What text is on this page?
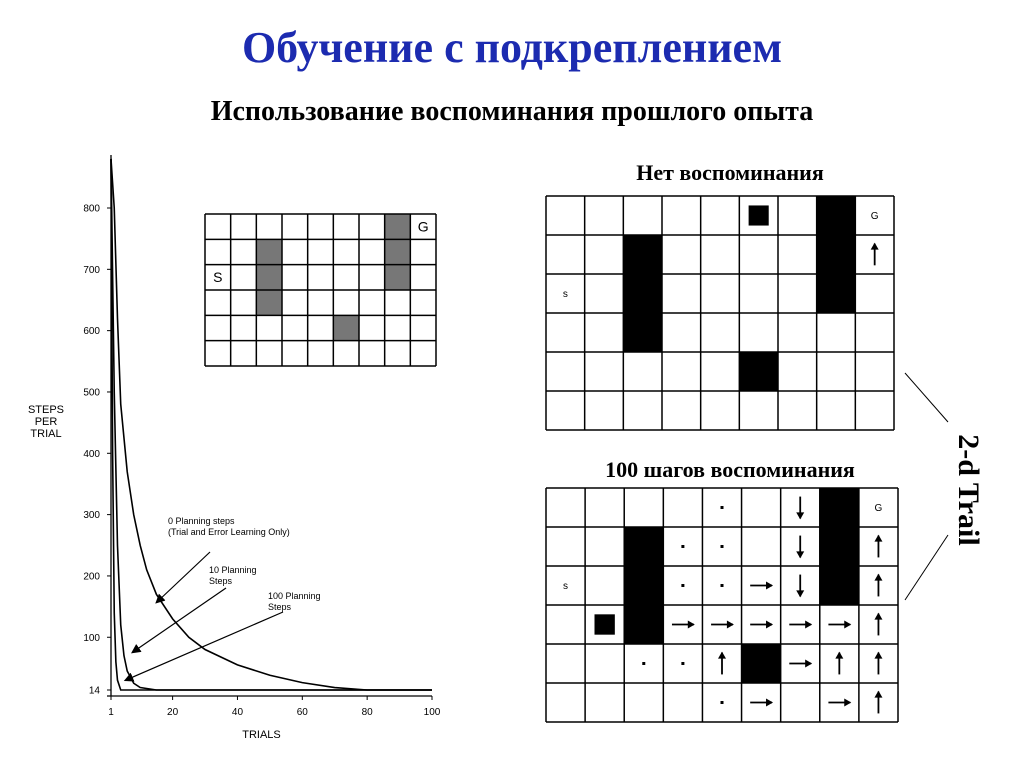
Обучение с подкреплением
Использование воспоминания прошлого опыта
Нет воспоминания
100 шагов воспоминания	2-d Trail
14
100
200
300
400
500
600
700
800
1	20	40	60	80	100
TRIALS
STEPS PER TRIAL
0 Planning steps (Trial and Error Learning Only)
10 Planning Steps
100 Planning Steps
S
G
s
G
s
G
